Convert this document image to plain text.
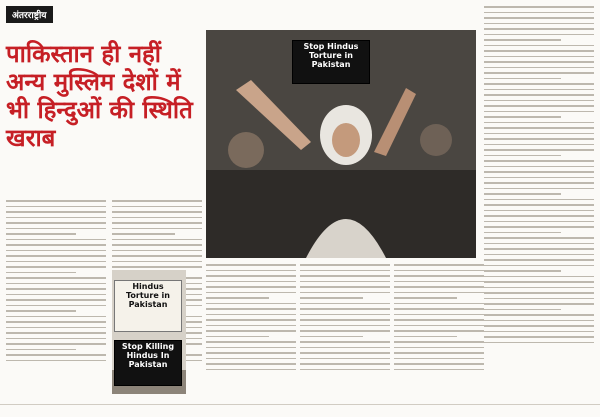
अंतरराष्ट्रीय
पाकिस्तान ही नहीं अन्य मुस्लिम देशों में भी हिन्दुओं की स्थिति खराब
Stop Hindus Torture in Pakistan
Hindus Torture in Pakistan
Stop Killing Hindus In Pakistan
